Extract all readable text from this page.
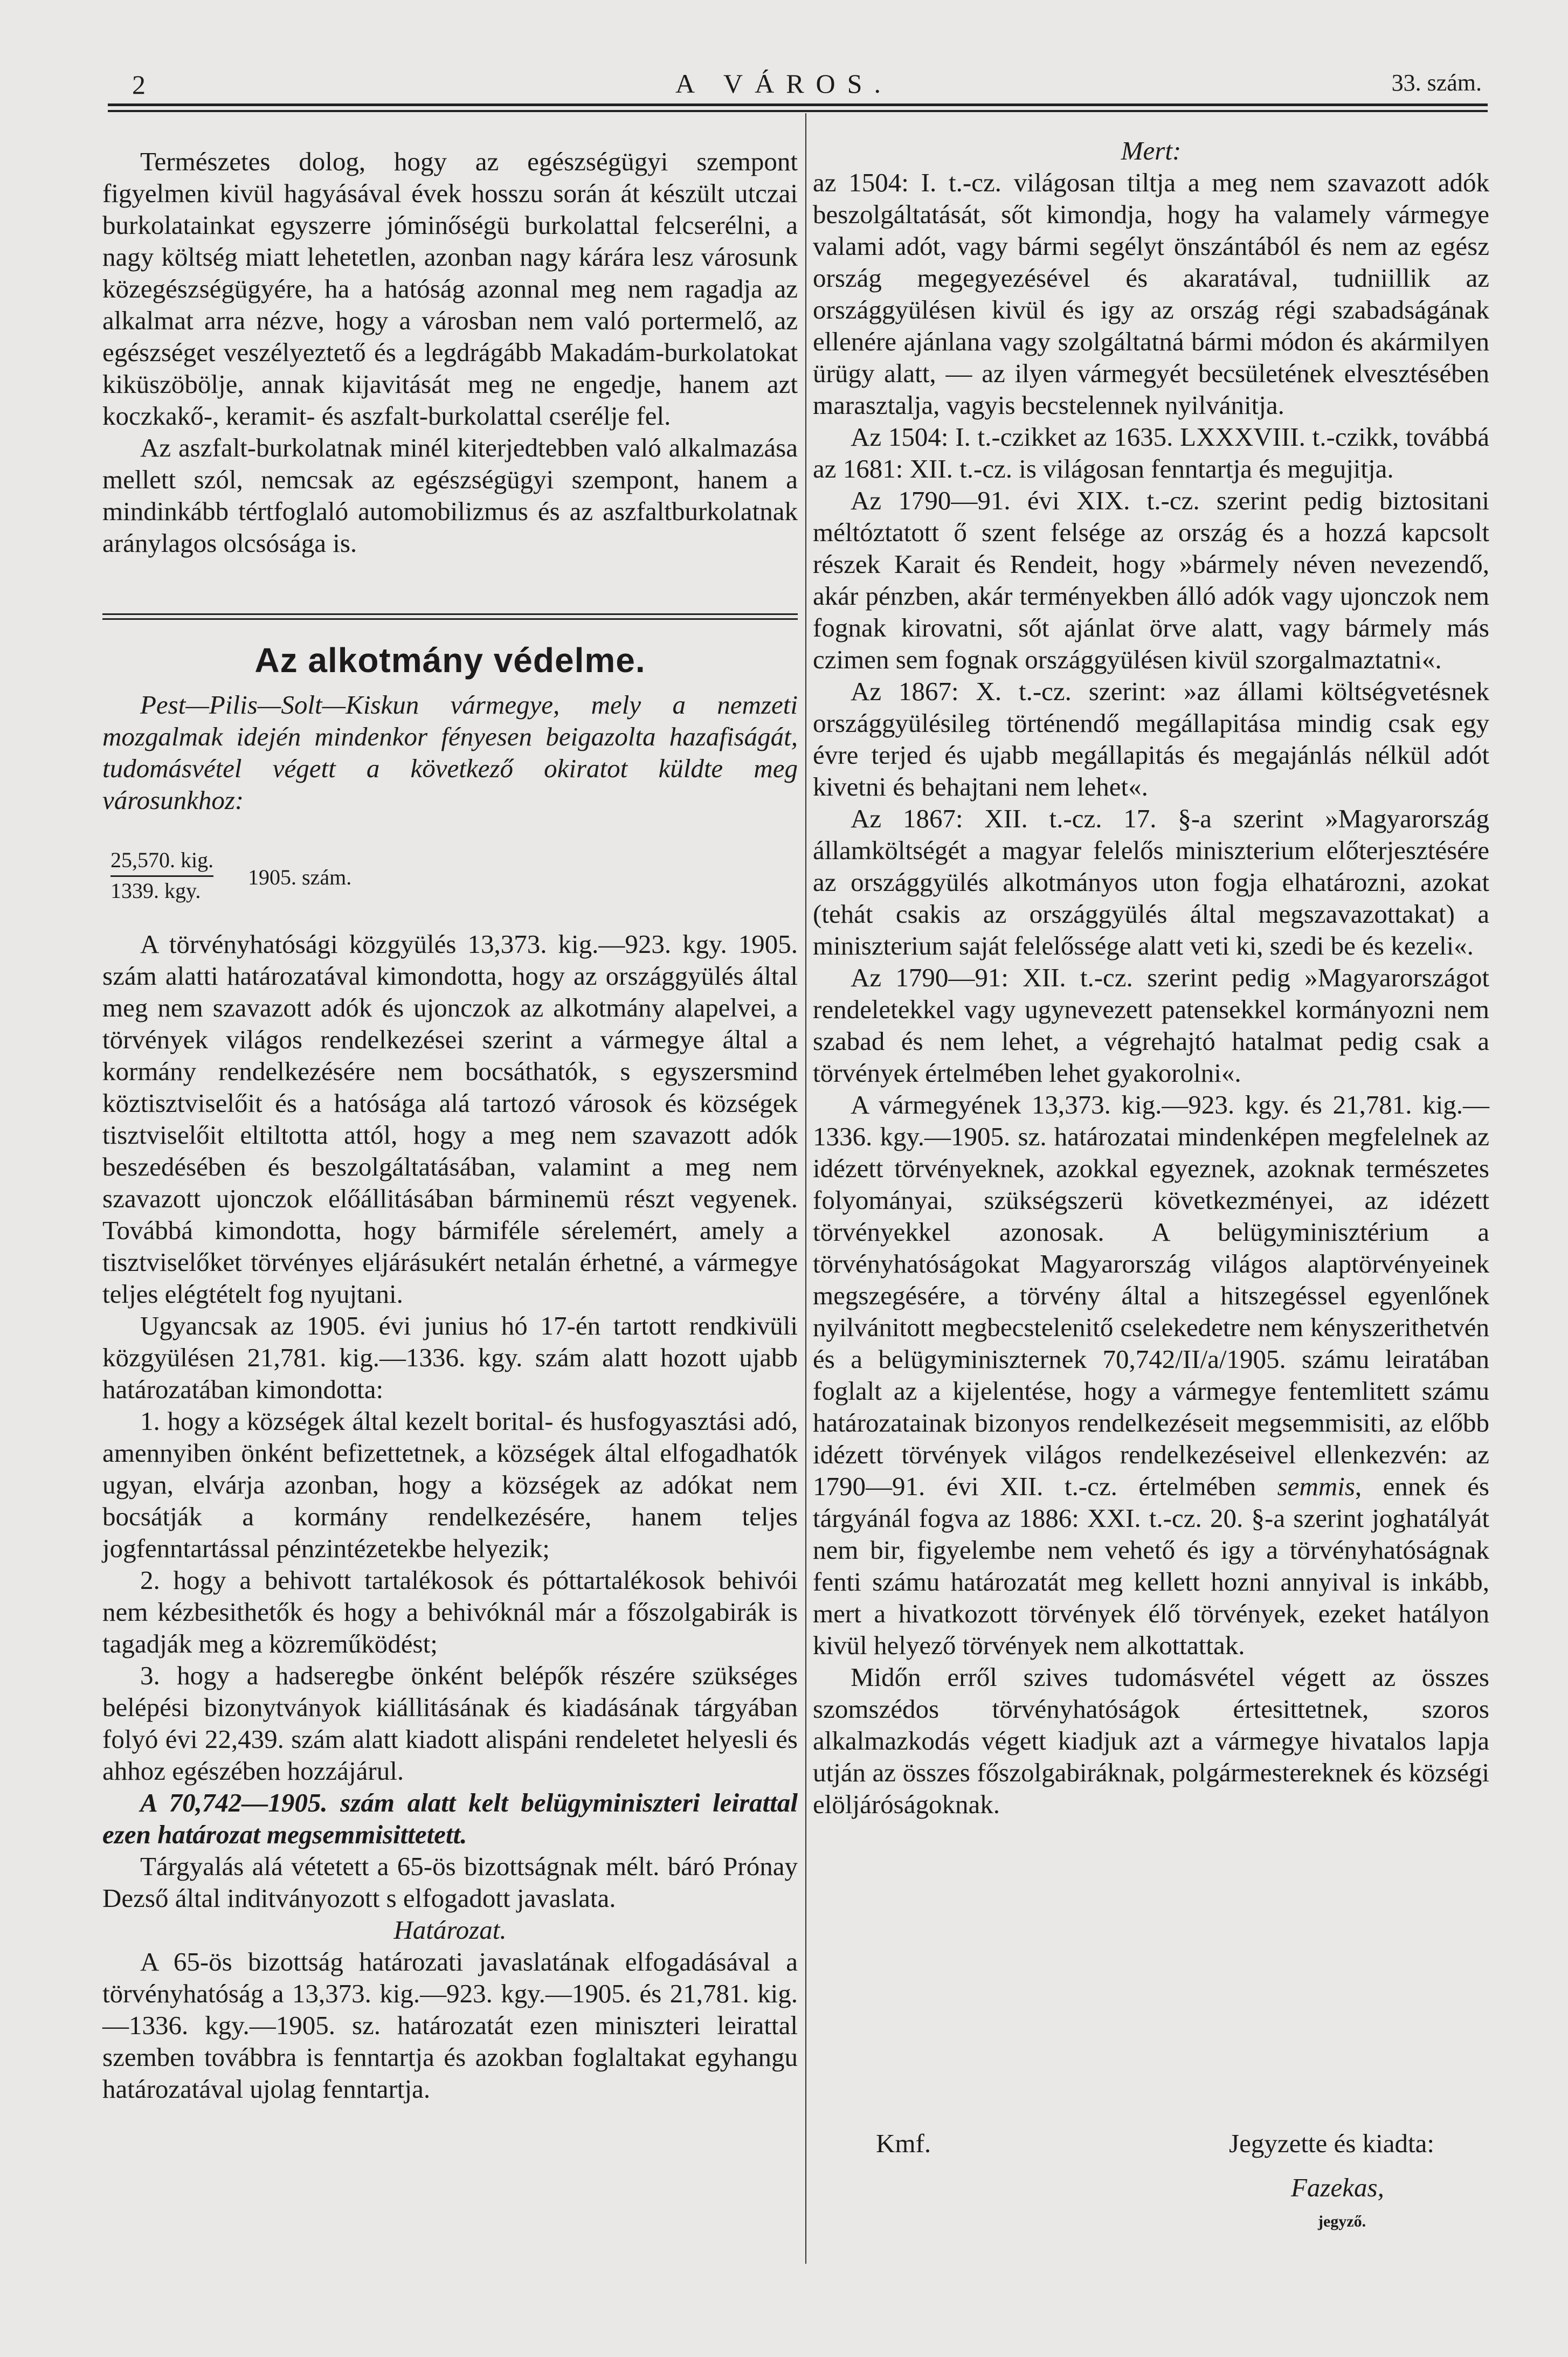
2	A VÁROS.	33. szám.

Természetes dolog, hogy az egészségügyi szempont figyelmen kivül hagyásával évek hosszu során át készült utczai burkolatainkat egyszerre jóminőségü burkolattal felcserélni, a nagy költség miatt lehetetlen, azonban nagy kárára lesz városunk közegészségügyére, ha a hatóság azonnal meg nem ragadja az alkalmat arra nézve, hogy a városban nem való portermelő, az egészséget veszélyeztető és a legdrágább Makadám-burkolatokat kiküszöbölje, annak kijavitását meg ne engedje, hanem azt koczkakő-, keramit- és aszfalt-burkolattal cserélje fel.

Az aszfalt-burkolatnak minél kiterjedtebben való alkalmazása mellett szól, nemcsak az egészségügyi szempont, hanem a mindinkább tértfoglaló automobilizmus és az aszfaltburkolatnak aránylagos olcsósága is.

Az alkotmány védelme.

Pest—Pilis—Solt—Kiskun vármegye, mely a nemzeti mozgalmak idején mindenkor fényesen beigazolta hazafiságát, tudomásvétel végett a következő okiratot küldte meg városunkhoz:

25,570. kig.
1339. kgy.
1905. szám.

A törvényhatósági közgyülés 13,373. kig.—923. kgy. 1905. szám alatti határozatával kimondotta, hogy az országgyülés által meg nem szavazott adók és ujonczok az alkotmány alapelvei, a törvények világos rendelkezései szerint a vármegye által a kormány rendelkezésére nem bocsáthatók, s egyszersmind köztisztviselőit és a hatósága alá tartozó városok és községek tisztviselőit eltiltotta attól, hogy a meg nem szavazott adók beszedésében és beszolgáltatásában, valamint a meg nem szavazott ujonczok előállitásában bárminemü részt vegyenek. Továbbá kimondotta, hogy bármiféle sérelemért, amely a tisztviselőket törvényes eljárásukért netalán érhetné, a vármegye teljes elégtételt fog nyujtani.

Ugyancsak az 1905. évi junius hó 17-én tartott rendkivüli közgyülésen 21,781. kig.—1336. kgy. szám alatt hozott ujabb határozatában kimondotta:

1. hogy a községek által kezelt borital- és husfogyasztási adó, amennyiben önként befizettetnek, a községek által elfogadhatók ugyan, elvárja azonban, hogy a községek az adókat nem bocsátják a kormány rendelkezésére, hanem teljes jogfenntartással pénzintézetekbe helyezik;

2. hogy a behivott tartalékosok és póttartalékosok behivói nem kézbesithetők és hogy a behivóknál már a főszolgabirák is tagadják meg a közreműködést;

3. hogy a hadseregbe önként belépők részére szükséges belépési bizonytványok kiállitásának és kiadásának tárgyában folyó évi 22,439. szám alatt kiadott alispáni rendeletet helyesli és ahhoz egészében hozzájárul.

A 70,742—1905. szám alatt kelt belügyminiszteri leirattal ezen határozat megsemmisittetett.

Tárgyalás alá vétetett a 65-ös bizottságnak mélt. báró Prónay Dezső által inditványozott s elfogadott javaslata.

Határozat.

A 65-ös bizottság határozati javaslatának elfogadásával a törvényhatóság a 13,373. kig.—923. kgy.—1905. és 21,781. kig.—1336. kgy.—1905. sz. határozatát ezen miniszteri leirattal szemben továbbra is fenntartja és azokban foglaltakat egyhangu határozatával ujolag fenntartja.

Mert:

az 1504: I. t.-cz. világosan tiltja a meg nem szavazott adók beszolgáltatását, sőt kimondja, hogy ha valamely vármegye valami adót, vagy bármi segélyt önszántából és nem az egész ország megegyezésével és akaratával, tudniillik az országgyülésen kivül és igy az ország régi szabadságának ellenére ajánlana vagy szolgáltatná bármi módon és akármilyen ürügy alatt, — az ilyen vármegyét becsületének elvesztésében marasztalja, vagyis becstelennek nyilvánitja.

Az 1504: I. t.-czikket az 1635. LXXXVIII. t.-czikk, továbbá az 1681: XII. t.-cz. is világosan fenntartja és megujitja.

Az 1790—91. évi XIX. t.-cz. szerint pedig biztositani méltóztatott ő szent felsége az ország és a hozzá kapcsolt részek Karait és Rendeit, hogy »bármely néven nevezendő, akár pénzben, akár terményekben álló adók vagy ujonczok nem fognak kirovatni, sőt ajánlat örve alatt, vagy bármely más czimen sem fognak országgyülésen kivül szorgalmaztatni«.

Az 1867: X. t.-cz. szerint: »az állami költségvetésnek országgyülésileg történendő megállapitása mindig csak egy évre terjed és ujabb megállapitás és megajánlás nélkül adót kivetni és behajtani nem lehet«.

Az 1867: XII. t.-cz. 17. §-a szerint »Magyarország államköltségét a magyar felelős miniszterium előterjesztésére az országgyülés alkotmányos uton fogja elhatározni, azokat (tehát csakis az országgyülés által megszavazottakat) a miniszterium saját felelőssége alatt veti ki, szedi be és kezeli«.

Az 1790—91: XII. t.-cz. szerint pedig »Magyarországot rendeletekkel vagy ugynevezett patensekkel kormányozni nem szabad és nem lehet, a végrehajtó hatalmat pedig csak a törvények értelmében lehet gyakorolni«.

A vármegyének 13,373. kig.—923. kgy. és 21,781. kig.—1336. kgy.—1905. sz. határozatai mindenképen megfelelnek az idézett törvényeknek, azokkal egyeznek, azoknak természetes folyományai, szükségszerü következményei, az idézett törvényekkel azonosak. A belügyminisztérium a törvényhatóságokat Magyarország világos alaptörvényeinek megszegésére, a törvény által a hitszegéssel egyenlőnek nyilvánitott megbecstelenitő cselekedetre nem kényszerithetvén és a belügyminiszternek 70,742/II/a/1905. számu leiratában foglalt az a kijelentése, hogy a vármegye fentemlitett számu határozatainak bizonyos rendelkezéseit megsemmisiti, az előbb idézett törvények világos rendelkezéseivel ellenkezvén: az 1790—91. évi XII. t.-cz. értelmében semmis, ennek és tárgyánál fogva az 1886: XXI. t.-cz. 20. §-a szerint joghatályát nem bir, figyelembe nem vehető és igy a törvényhatóságnak fenti számu határozatát meg kellett hozni annyival is inkább, mert a hivatkozott törvények élő törvények, ezeket hatályon kivül helyező törvények nem alkottattak.

Midőn erről szives tudomásvétel végett az összes szomszédos törvényhatóságok értesittetnek, szoros alkalmazkodás végett kiadjuk azt a vármegye hivatalos lapja utján az összes főszolgabiráknak, polgármestereknek és községi elöljáróságoknak.

Kmf.	Jegyzette és kiadta:
Fazekas,
jegyző.
